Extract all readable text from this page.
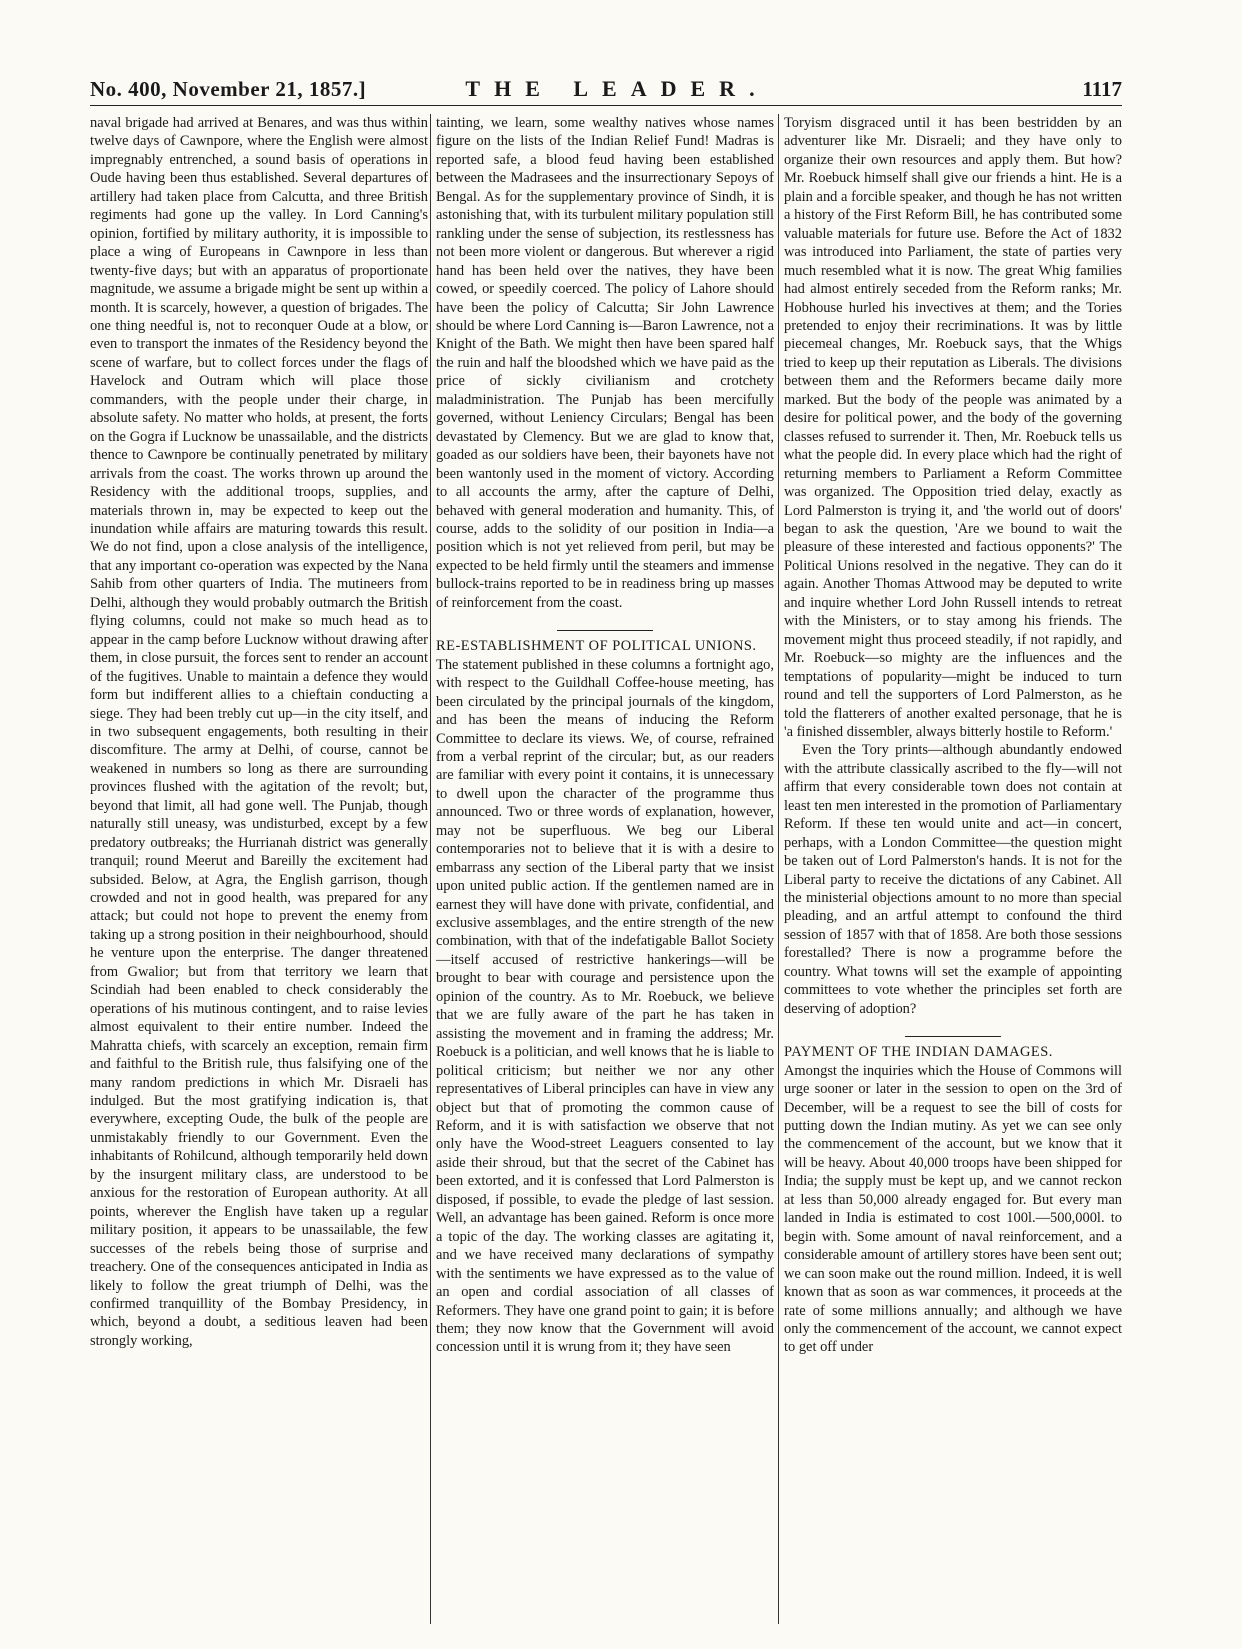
No. 400, November 21, 1857.]	THE LEADER.	1117

naval brigade had arrived at Benares, and was thus within twelve days of Cawnpore, where the English were almost impregnably entrenched, a sound basis of operations in Oude having been thus established. Several departures of artillery had taken place from Calcutta, and three British regiments had gone up the valley. In Lord Canning's opinion, fortified by military authority, it is impossible to place a wing of Europeans in Cawnpore in less than twenty-five days; but with an apparatus of proportionate magnitude, we assume a brigade might be sent up within a month. It is scarcely, however, a question of brigades. The one thing needful is, not to reconquer Oude at a blow, or even to transport the inmates of the Residency beyond the scene of warfare, but to collect forces under the flags of Havelock and Outram which will place those commanders, with the people under their charge, in absolute safety. No matter who holds, at present, the forts on the Gogra if Lucknow be unassailable, and the districts thence to Cawnpore be continually penetrated by military arrivals from the coast. The works thrown up around the Residency with the additional troops, supplies, and materials thrown in, may be expected to keep out the inundation while affairs are maturing towards this result. We do not find, upon a close analysis of the intelligence, that any important co-operation was expected by the Nana Sahib from other quarters of India. The mutineers from Delhi, although they would probably outmarch the British flying columns, could not make so much head as to appear in the camp before Lucknow without drawing after them, in close pursuit, the forces sent to render an account of the fugitives. Unable to maintain a defence they would form but indifferent allies to a chieftain conducting a siege. They had been trebly cut up—in the city itself, and in two subsequent engagements, both resulting in their discomfiture. The army at Delhi, of course, cannot be weakened in numbers so long as there are surrounding provinces flushed with the agitation of the revolt; but, beyond that limit, all had gone well. The Punjab, though naturally still uneasy, was undisturbed, except by a few predatory outbreaks; the Hurrianah district was generally tranquil; round Meerut and Bareilly the excitement had subsided. Below, at Agra, the English garrison, though crowded and not in good health, was prepared for any attack; but could not hope to prevent the enemy from taking up a strong position in their neighbourhood, should he venture upon the enterprise. The danger threatened from Gwalior; but from that territory we learn that Scindiah had been enabled to check considerably the operations of his mutinous contingent, and to raise levies almost equivalent to their entire number. Indeed the Mahratta chiefs, with scarcely an exception, remain firm and faithful to the British rule, thus falsifying one of the many random predictions in which Mr. Disraeli has indulged. But the most gratifying indication is, that everywhere, excepting Oude, the bulk of the people are unmistakably friendly to our Government. Even the inhabitants of Rohilcund, although temporarily held down by the insurgent military class, are understood to be anxious for the restoration of European authority. At all points, wherever the English have taken up a regular military position, it appears to be unassailable, the few successes of the rebels being those of surprise and treachery. One of the consequences anticipated in India as likely to follow the great triumph of Delhi, was the confirmed tranquillity of the Bombay Presidency, in which, beyond a doubt, a seditious leaven had been strongly working,

tainting, we learn, some wealthy natives whose names figure on the lists of the Indian Relief Fund! Madras is reported safe, a blood feud having been established between the Madrasees and the insurrectionary Sepoys of Bengal. As for the supplementary province of Sindh, it is astonishing that, with its turbulent military population still rankling under the sense of subjection, its restlessness has not been more violent or dangerous. But wherever a rigid hand has been held over the natives, they have been cowed, or speedily coerced. The policy of Lahore should have been the policy of Calcutta; Sir John Lawrence should be where Lord Canning is—Baron Lawrence, not a Knight of the Bath. We might then have been spared half the ruin and half the bloodshed which we have paid as the price of sickly civilianism and crotchety maladministration. The Punjab has been mercifully governed, without Leniency Circulars; Bengal has been devastated by Clemency. But we are glad to know that, goaded as our soldiers have been, their bayonets have not been wantonly used in the moment of victory. According to all accounts the army, after the capture of Delhi, behaved with general moderation and humanity. This, of course, adds to the solidity of our position in India—a position which is not yet relieved from peril, but may be expected to be held firmly until the steamers and immense bullock-trains reported to be in readiness bring up masses of reinforcement from the coast.

RE-ESTABLISHMENT OF POLITICAL UNIONS.

The statement published in these columns a fortnight ago, with respect to the Guildhall Coffee-house meeting, has been circulated by the principal journals of the kingdom, and has been the means of inducing the Reform Committee to declare its views. We, of course, refrained from a verbal reprint of the circular; but, as our readers are familiar with every point it contains, it is unnecessary to dwell upon the character of the programme thus announced. Two or three words of explanation, however, may not be superfluous. We beg our Liberal contemporaries not to believe that it is with a desire to embarrass any section of the Liberal party that we insist upon united public action. If the gentlemen named are in earnest they will have done with private, confidential, and exclusive assemblages, and the entire strength of the new combination, with that of the indefatigable Ballot Society—itself accused of restrictive hankerings—will be brought to bear with courage and persistence upon the opinion of the country. As to Mr. Roebuck, we believe that we are fully aware of the part he has taken in assisting the movement and in framing the address; Mr. Roebuck is a politician, and well knows that he is liable to political criticism; but neither we nor any other representatives of Liberal principles can have in view any object but that of promoting the common cause of Reform, and it is with satisfaction we observe that not only have the Wood-street Leaguers consented to lay aside their shroud, but that the secret of the Cabinet has been extorted, and it is confessed that Lord Palmerston is disposed, if possible, to evade the pledge of last session. Well, an advantage has been gained. Reform is once more a topic of the day. The working classes are agitating it, and we have received many declarations of sympathy with the sentiments we have expressed as to the value of an open and cordial association of all classes of Reformers. They have one grand point to gain; it is before them; they now know that the Government will avoid concession until it is wrung from it; they have seen

Toryism disgraced until it has been bestridden by an adventurer like Mr. Disraeli; and they have only to organize their own resources and apply them. But how? Mr. Roebuck himself shall give our friends a hint. He is a plain and a forcible speaker, and though he has not written a history of the First Reform Bill, he has contributed some valuable materials for future use. Before the Act of 1832 was introduced into Parliament, the state of parties very much resembled what it is now. The great Whig families had almost entirely seceded from the Reform ranks; Mr. Hobhouse hurled his invectives at them; and the Tories pretended to enjoy their recriminations. It was by little piecemeal changes, Mr. Roebuck says, that the Whigs tried to keep up their reputation as Liberals. The divisions between them and the Reformers became daily more marked. But the body of the people was animated by a desire for political power, and the body of the governing classes refused to surrender it. Then, Mr. Roebuck tells us what the people did. In every place which had the right of returning members to Parliament a Reform Committee was organized. The Opposition tried delay, exactly as Lord Palmerston is trying it, and 'the world out of doors' began to ask the question, 'Are we bound to wait the pleasure of these interested and factious opponents?' The Political Unions resolved in the negative. They can do it again. Another Thomas Attwood may be deputed to write and inquire whether Lord John Russell intends to retreat with the Ministers, or to stay among his friends. The movement might thus proceed steadily, if not rapidly, and Mr. Roebuck—so mighty are the influences and the temptations of popularity—might be induced to turn round and tell the supporters of Lord Palmerston, as he told the flatterers of another exalted personage, that he is 'a finished dissembler, always bitterly hostile to Reform.'

Even the Tory prints—although abundantly endowed with the attribute classically ascribed to the fly—will not affirm that every considerable town does not contain at least ten men interested in the promotion of Parliamentary Reform. If these ten would unite and act—in concert, perhaps, with a London Committee—the question might be taken out of Lord Palmerston's hands. It is not for the Liberal party to receive the dictations of any Cabinet. All the ministerial objections amount to no more than special pleading, and an artful attempt to confound the third session of 1857 with that of 1858. Are both those sessions forestalled? There is now a programme before the country. What towns will set the example of appointing committees to vote whether the principles set forth are deserving of adoption?

PAYMENT OF THE INDIAN DAMAGES.

Amongst the inquiries which the House of Commons will urge sooner or later in the session to open on the 3rd of December, will be a request to see the bill of costs for putting down the Indian mutiny. As yet we can see only the commencement of the account, but we know that it will be heavy. About 40,000 troops have been shipped for India; the supply must be kept up, and we cannot reckon at less than 50,000 already engaged for. But every man landed in India is estimated to cost 100l.—500,000l. to begin with. Some amount of naval reinforcement, and a considerable amount of artillery stores have been sent out; we can soon make out the round million. Indeed, it is well known that as soon as war commences, it proceeds at the rate of some millions annually; and although we have only the commencement of the account, we cannot expect to get off under
